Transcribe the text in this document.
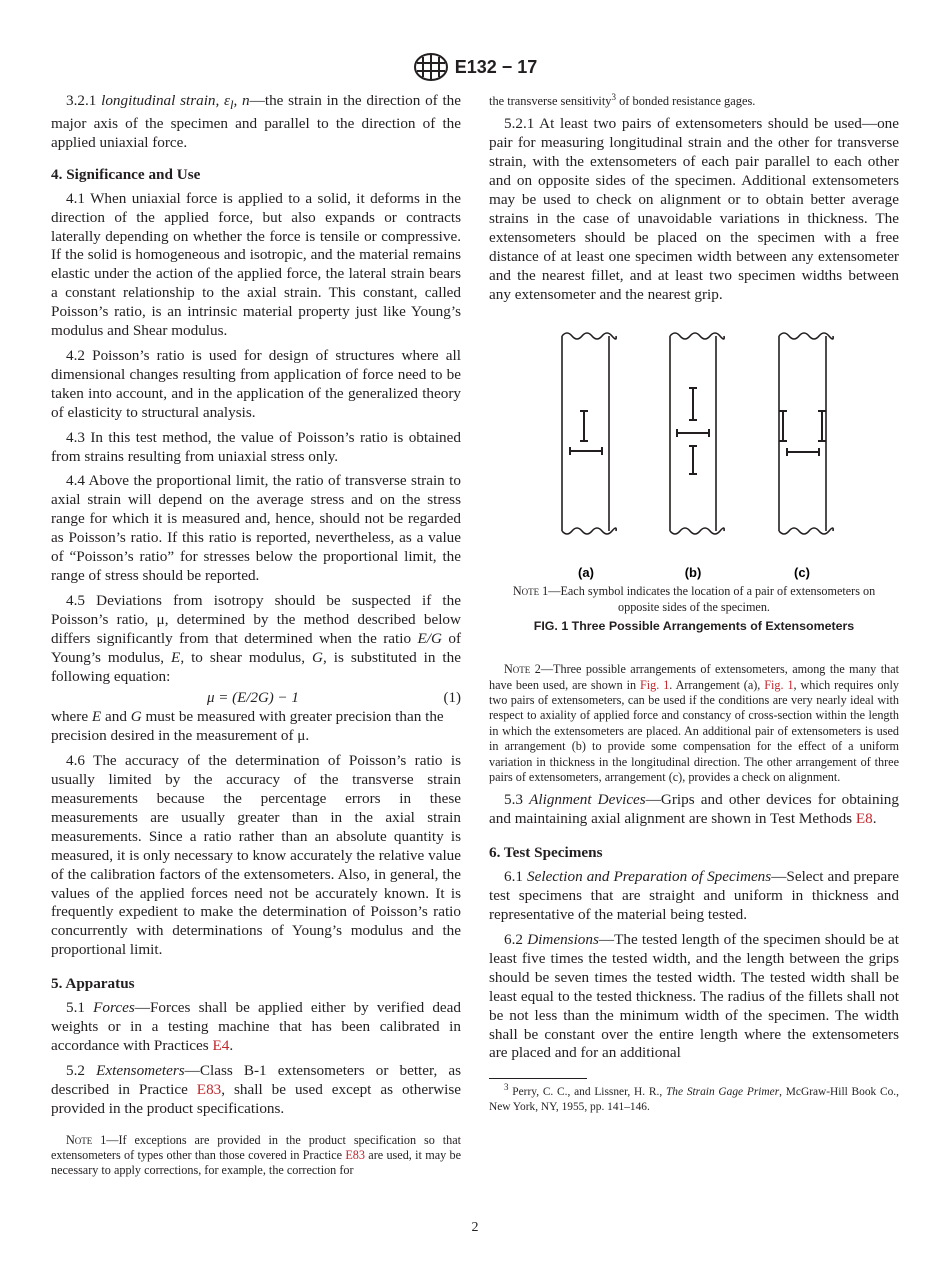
E132 − 17

3.2.1 longitudinal strain, $\varepsilon_l$, n—the strain in the direction of the major axis of the specimen and parallel to the direction of the applied uniaxial force.

4. Significance and Use

4.1 When uniaxial force is applied to a solid, it deforms in the direction of the applied force, but also expands or contracts laterally depending on whether the force is tensile or compressive. If the solid is homogeneous and isotropic, and the material remains elastic under the action of the applied force, the lateral strain bears a constant relationship to the axial strain. This constant, called Poisson’s ratio, is an intrinsic material property just like Young’s modulus and Shear modulus.

4.2 Poisson’s ratio is used for design of structures where all dimensional changes resulting from application of force need to be taken into account, and in the application of the generalized theory of elasticity to structural analysis.

4.3 In this test method, the value of Poisson’s ratio is obtained from strains resulting from uniaxial stress only.

4.4 Above the proportional limit, the ratio of transverse strain to axial strain will depend on the average stress and on the stress range for which it is measured and, hence, should not be regarded as Poisson’s ratio. If this ratio is reported, nevertheless, as a value of “Poisson’s ratio” for stresses below the proportional limit, the range of stress should be reported.

4.5 Deviations from isotropy should be suspected if the Poisson’s ratio, μ, determined by the method described below differs significantly from that determined when the ratio E/G of Young’s modulus, E, to shear modulus, G, is substituted in the following equation:

μ = (E/2G) − 1	(1)

where E and G must be measured with greater precision than the precision desired in the measurement of μ.

4.6 The accuracy of the determination of Poisson’s ratio is usually limited by the accuracy of the transverse strain measurements because the percentage errors in these measurements are usually greater than in the axial strain measurements. Since a ratio rather than an absolute quantity is measured, it is only necessary to know accurately the relative value of the calibration factors of the extensometers. Also, in general, the values of the applied forces need not be accurately known. It is frequently expedient to make the determination of Poisson’s ratio concurrently with determinations of Young’s modulus and the proportional limit.

5. Apparatus

5.1 Forces—Forces shall be applied either by verified dead weights or in a testing machine that has been calibrated in accordance with Practices E4.

5.2 Extensometers—Class B-1 extensometers or better, as described in Practice E83, shall be used except as otherwise provided in the product specifications.

Note 1—If exceptions are provided in the product specification so that extensometers of types other than those covered in Practice E83 are used, it may be necessary to apply corrections, for example, the correction for

the transverse sensitivity$^3$ of bonded resistance gages.

5.2.1 At least two pairs of extensometers should be used—one pair for measuring longitudinal strain and the other for transverse strain, with the extensometers of each pair parallel to each other and on opposite sides of the specimen. Additional extensometers may be used to check on alignment or to obtain better average strains in the case of unavoidable variations in thickness. The extensometers should be placed on the specimen with a free distance of at least one specimen width between any extensometer and the nearest fillet, and at least two specimen widths between any extensometer and the nearest grip.

(a)	(b)	(c)

Note 1—Each symbol indicates the location of a pair of extensometers on opposite sides of the specimen.

FIG. 1 Three Possible Arrangements of Extensometers

Note 2—Three possible arrangements of extensometers, among the many that have been used, are shown in Fig. 1. Arrangement (a), Fig. 1, which requires only two pairs of extensometers, can be used if the conditions are very nearly ideal with respect to axiality of applied force and constancy of cross-section within the length in which the extensometers are placed. An additional pair of extensometers is used in arrangement (b) to provide some compensation for the effect of a uniform variation in thickness in the longitudinal direction. The other arrangement of three pairs of extensometers, arrangement (c), provides a check on alignment.

5.3 Alignment Devices—Grips and other devices for obtaining and maintaining axial alignment are shown in Test Methods E8.

6. Test Specimens

6.1 Selection and Preparation of Specimens—Select and prepare test specimens that are straight and uniform in thickness and representative of the material being tested.

6.2 Dimensions—The tested length of the specimen should be at least five times the tested width, and the length between the grips should be seven times the tested width. The tested width shall be least equal to the tested thickness. The radius of the fillets shall not be not less than the minimum width of the specimen. The width shall be constant over the entire length where the extensometers are placed and for an additional

$^3$ Perry, C. C., and Lissner, H. R., The Strain Gage Primer, McGraw-Hill Book Co., New York, NY, 1955, pp. 141–146.

2
